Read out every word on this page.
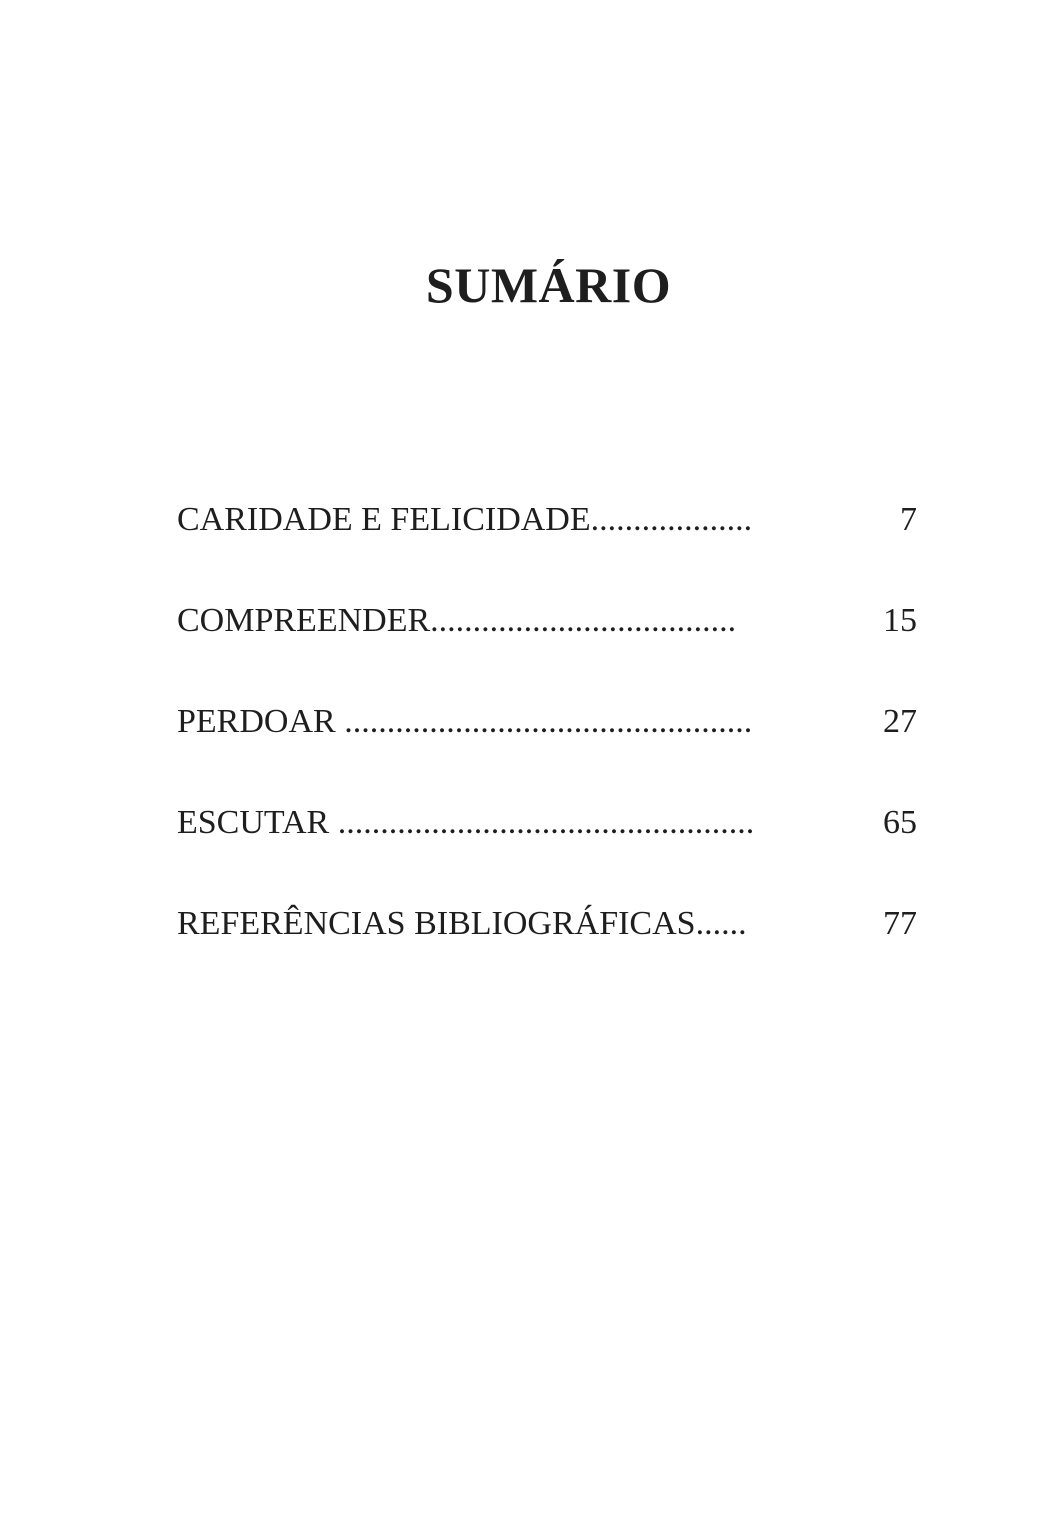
SUMÁRIO
CARIDADE E FELICIDADE...................	7
COMPREENDER....................................	15
PERDOAR ................................................	27
ESCUTAR .................................................	65
REFERÊNCIAS BIBLIOGRÁFICAS......	77
